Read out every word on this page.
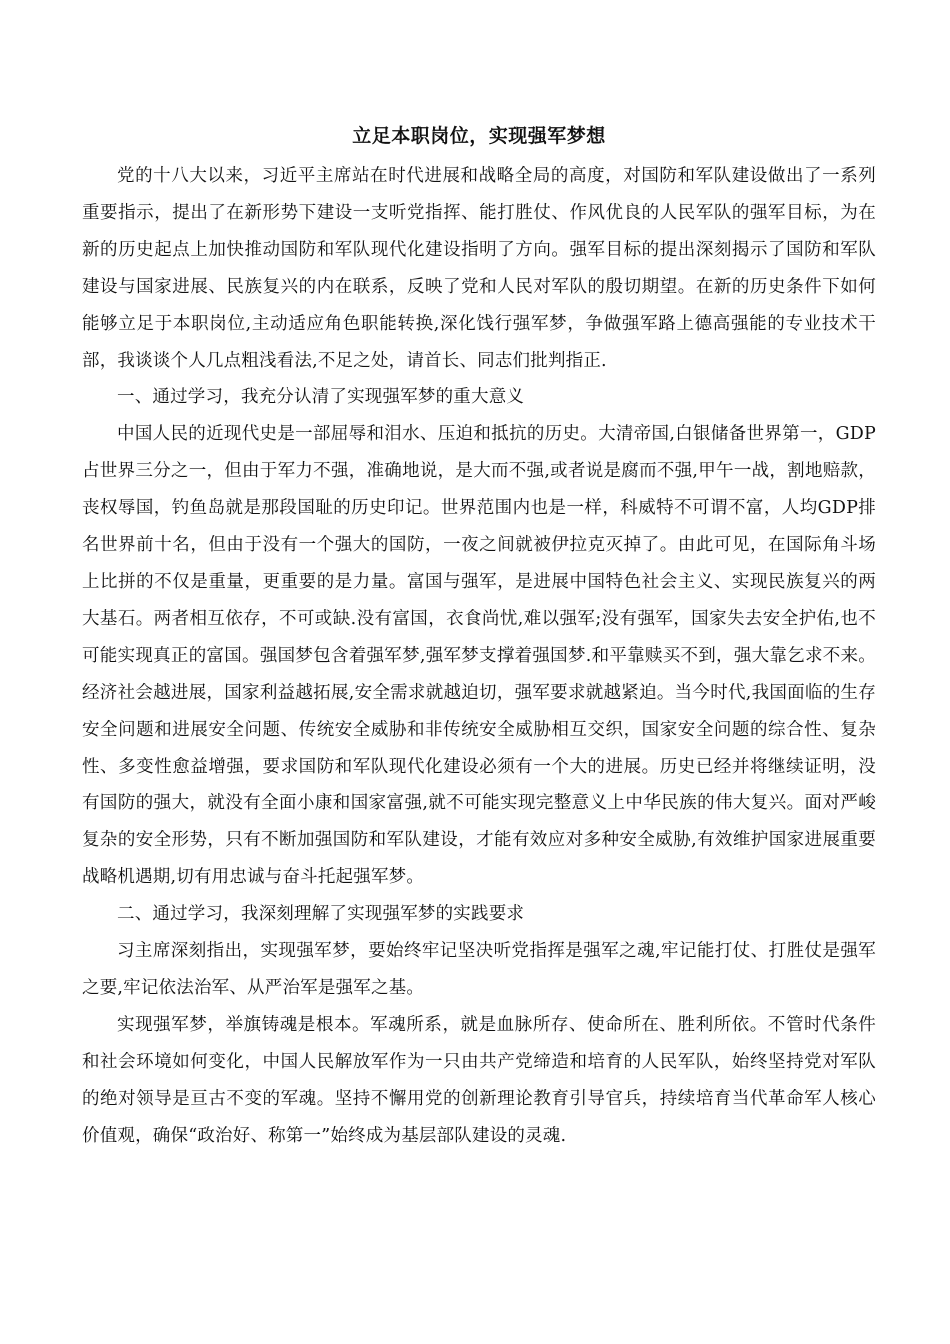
立足本职岗位，实现强军梦想

党的十八大以来，习近平主席站在时代进展和战略全局的高度，对国防和军队建设做出了一系列重要指示，提出了在新形势下建设一支听党指挥、能打胜仗、作风优良的人民军队的强军目标，为在新的历史起点上加快推动国防和军队现代化建设指明了方向。强军目标的提出深刻揭示了国防和军队建设与国家进展、民族复兴的内在联系，反映了党和人民对军队的殷切期望。在新的历史条件下如何能够立足于本职岗位,主动适应角色职能转换,深化饯行强军梦，争做强军路上德高强能的专业技术干部，我谈谈个人几点粗浅看法,不足之处，请首长、同志们批判指正.

一、通过学习，我充分认清了实现强军梦的重大意义

中国人民的近现代史是一部屈辱和泪水、压迫和抵抗的历史。大清帝国,白银储备世界第一，GDP占世界三分之一，但由于军力不强，准确地说，是大而不强,或者说是腐而不强,甲午一战，割地赔款，丧权辱国，钓鱼岛就是那段国耻的历史印记。世界范围内也是一样，科威特不可谓不富，人均GDP排名世界前十名，但由于没有一个强大的国防，一夜之间就被伊拉克灭掉了。由此可见，在国际角斗场上比拼的不仅是重量，更重要的是力量。富国与强军，是进展中国特色社会主义、实现民族复兴的两大基石。两者相互依存，不可或缺.没有富国，衣食尚忧,难以强军;没有强军，国家失去安全护佑,也不可能实现真正的富国。强国梦包含着强军梦,强军梦支撑着强国梦.和平靠赎买不到，强大靠乞求不来。经济社会越进展，国家利益越拓展,安全需求就越迫切，强军要求就越紧迫。当今时代,我国面临的生存安全问题和进展安全问题、传统安全威胁和非传统安全威胁相互交织，国家安全问题的综合性、复杂性、多变性愈益增强，要求国防和军队现代化建设必须有一个大的进展。历史已经并将继续证明，没有国防的强大，就没有全面小康和国家富强,就不可能实现完整意义上中华民族的伟大复兴。面对严峻复杂的安全形势，只有不断加强国防和军队建设，才能有效应对多种安全威胁,有效维护国家进展重要战略机遇期,切有用忠诚与奋斗托起强军梦。

二、通过学习，我深刻理解了实现强军梦的实践要求

习主席深刻指出，实现强军梦，要始终牢记坚决听党指挥是强军之魂,牢记能打仗、打胜仗是强军之要,牢记依法治军、从严治军是强军之基。

实现强军梦，举旗铸魂是根本。军魂所系，就是血脉所存、使命所在、胜利所依。不管时代条件和社会环境如何变化，中国人民解放军作为一只由共产党缔造和培育的人民军队，始终坚持党对军队的绝对领导是亘古不变的军魂。坚持不懈用党的创新理论教育引导官兵，持续培育当代革命军人核心价值观，确保“政治好、称第一”始终成为基层部队建设的灵魂.
